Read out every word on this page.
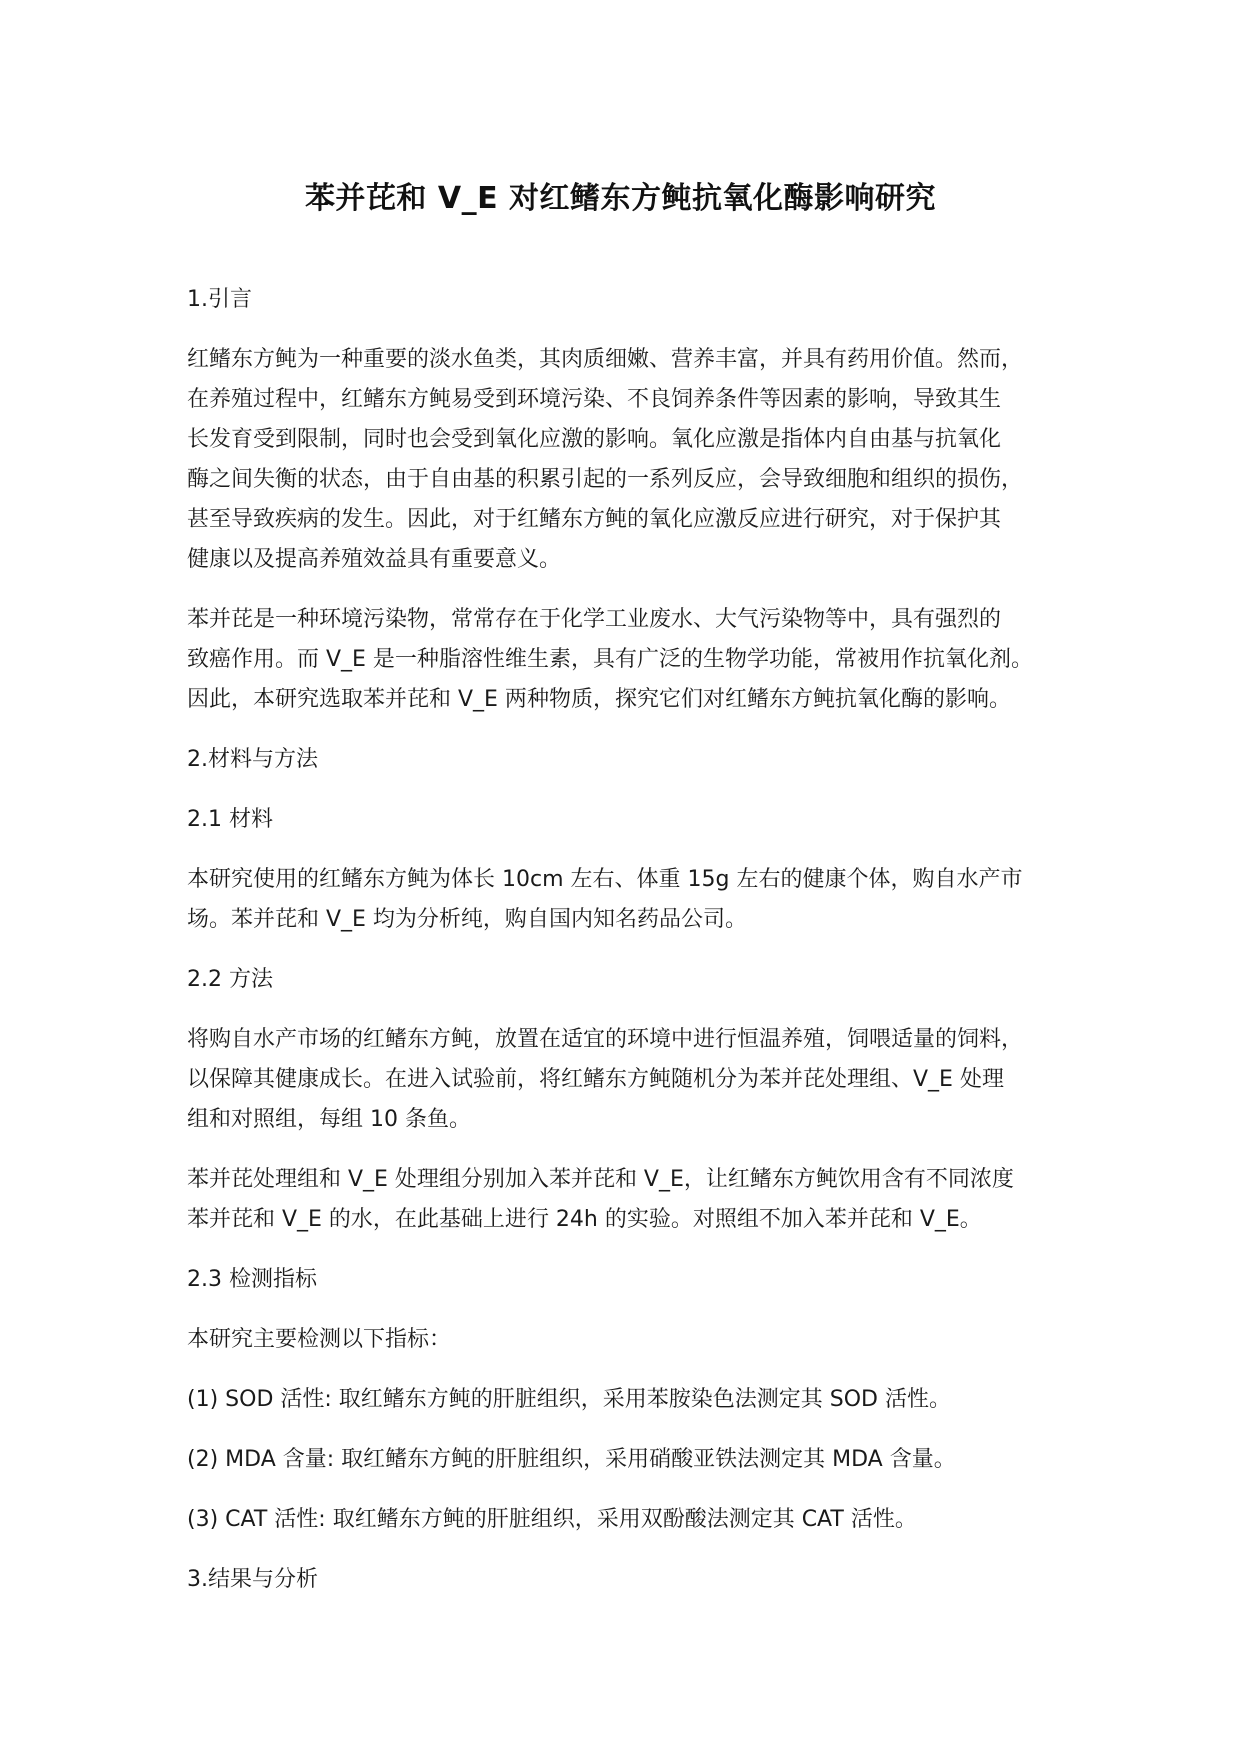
苯并芘和 V_E 对红鳍东方鲀抗氧化酶影响研究

1.引言

红鳍东方鲀为一种重要的淡水鱼类，其肉质细嫩、营养丰富，并具有药用价值。然而，
在养殖过程中，红鳍东方鲀易受到环境污染、不良饲养条件等因素的影响，导致其生
长发育受到限制，同时也会受到氧化应激的影响。氧化应激是指体内自由基与抗氧化
酶之间失衡的状态，由于自由基的积累引起的一系列反应，会导致细胞和组织的损伤，
甚至导致疾病的发生。因此，对于红鳍东方鲀的氧化应激反应进行研究，对于保护其
健康以及提高养殖效益具有重要意义。

苯并芘是一种环境污染物，常常存在于化学工业废水、大气污染物等中，具有强烈的
致癌作用。而 V_E 是一种脂溶性维生素，具有广泛的生物学功能，常被用作抗氧化剂。
因此，本研究选取苯并芘和 V_E 两种物质，探究它们对红鳍东方鲀抗氧化酶的影响。

2.材料与方法

2.1 材料

本研究使用的红鳍东方鲀为体长 10cm 左右、体重 15g 左右的健康个体，购自水产市
场。苯并芘和 V_E 均为分析纯，购自国内知名药品公司。

2.2 方法

将购自水产市场的红鳍东方鲀，放置在适宜的环境中进行恒温养殖，饲喂适量的饲料，
以保障其健康成长。在进入试验前，将红鳍东方鲀随机分为苯并芘处理组、V_E 处理
组和对照组，每组 10 条鱼。

苯并芘处理组和 V_E 处理组分别加入苯并芘和 V_E，让红鳍东方鲀饮用含有不同浓度
苯并芘和 V_E 的水，在此基础上进行 24h 的实验。对照组不加入苯并芘和 V_E。

2.3 检测指标

本研究主要检测以下指标：

(1) SOD 活性: 取红鳍东方鲀的肝脏组织，采用苯胺染色法测定其 SOD 活性。

(2) MDA 含量: 取红鳍东方鲀的肝脏组织，采用硝酸亚铁法测定其 MDA 含量。

(3) CAT 活性: 取红鳍东方鲀的肝脏组织，采用双酚酸法测定其 CAT 活性。

3.结果与分析
